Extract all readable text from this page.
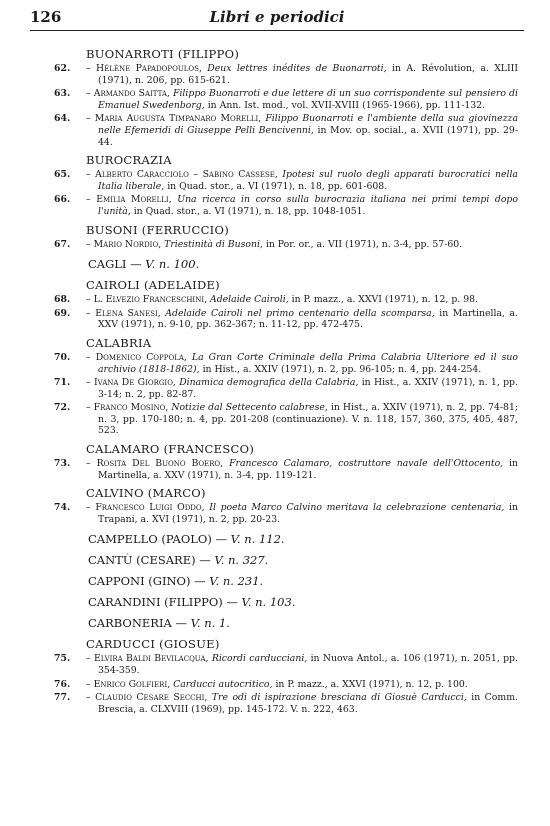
126	Libri e periodici
BUONARROTI (FILIPPO)
62. – Hélène Papadopoulos, Deux lettres inédites de Buonarroti, in A. Révolution, a. XLIII (1971), n. 206, pp. 615-621.
63. – Armando Saitta, Filippo Buonarroti e due lettere di un suo corrispondente sul pensiero di Emanuel Swedenborg, in Ann. Ist. mod., vol. XVII-XVIII (1965-1966), pp. 111-132.
64. – Maria Augusta Timpanaro Morelli, Filippo Buonarroti e l'ambiente della sua giovinezza nelle Efemeridi di Giuseppe Pelli Bencivenni, in Mov. op. social., a. XVII (1971), pp. 29-44.
BUROCRAZIA
65. – Alberto Caracciolo – Sabino Cassese, Ipotesi sul ruolo degli apparati burocratici nella Italia liberale, in Quad. stor., a. VI (1971), n. 18, pp. 601-608.
66. – Emilia Morelli, Una ricerca in corso sulla burocrazia italiana nei primi tempi dopo l'unità, in Quad. stor., a. VI (1971), n. 18, pp. 1048-1051.
BUSONI (FERRUCCIO)
67. – Mario Nordio, Triestinità di Busoni, in Por. or., a. VII (1971), n. 3-4, pp. 57-60.
CAGLI — V. n. 100.
CAIROLI (ADELAIDE)
68. – L. Elvezio Franceschini, Adelaide Cairoli, in P. mazz., a. XXVI (1971), n. 12, p. 98.
69. – Elena Sanesi, Adelaide Cairoli nel primo centenario della scomparsa, in Martinella, a. XXV (1971), n. 9-10, pp. 362-367; n. 11-12, pp. 472-475.
CALABRIA
70. – Domenico Coppola, La Gran Corte Criminale della Prima Calabria Ulteriore ed il suo archivio (1818-1862), in Hist., a. XXIV (1971), n. 2, pp. 96-105; n. 4, pp. 244-254.
71. – Ivana De Giorgio, Dinamica demografica della Calabria, in Hist., a. XXIV (1971), n. 1, pp. 3-14; n. 2, pp. 82-87.
72. – Franco Mosino, Notizie dal Settecento calabrese, in Hist., a. XXIV (1971), n. 2, pp. 74-81; n. 3, pp. 170-180; n. 4, pp. 201-208 (continuazione). V. n. 118, 157, 360, 375, 405, 487, 523.
CALAMARO (FRANCESCO)
73. – Rosita Del Buono Boero, Francesco Calamaro, costruttore navale dell'Ottocento, in Martinella, a. XXV (1971), n. 3-4, pp. 119-121.
CALVINO (MARCO)
74. – Francesco Luigi Oddo, Il poeta Marco Calvino meritava la celebrazione centenaria, in Trapani, a. XVI (1971), n. 2, pp. 20-23.
CAMPELLO (PAOLO) — V. n. 112.
CANTÙ (CESARE) — V. n. 327.
CAPPONI (GINO) — V. n. 231.
CARANDINI (FILIPPO) — V. n. 103.
CARBONERIA — V. n. 1.
CARDUCCI (GIOSUE)
75. – Elvira Baldi Bevilacqua, Ricordi carducciani, in Nuova Antol., a. 106 (1971), n. 2051, pp. 354-359.
76. – Enrico Golfieri, Carducci autocritico, in P. mazz., a. XXVI (1971), n. 12, p. 100.
77. – Claudio Cesare Secchi, Tre odi di ispirazione bresciana di Giosuè Carducci, in Comm. Brescia, a. CLXVIII (1969), pp. 145-172. V. n. 222, 463.
